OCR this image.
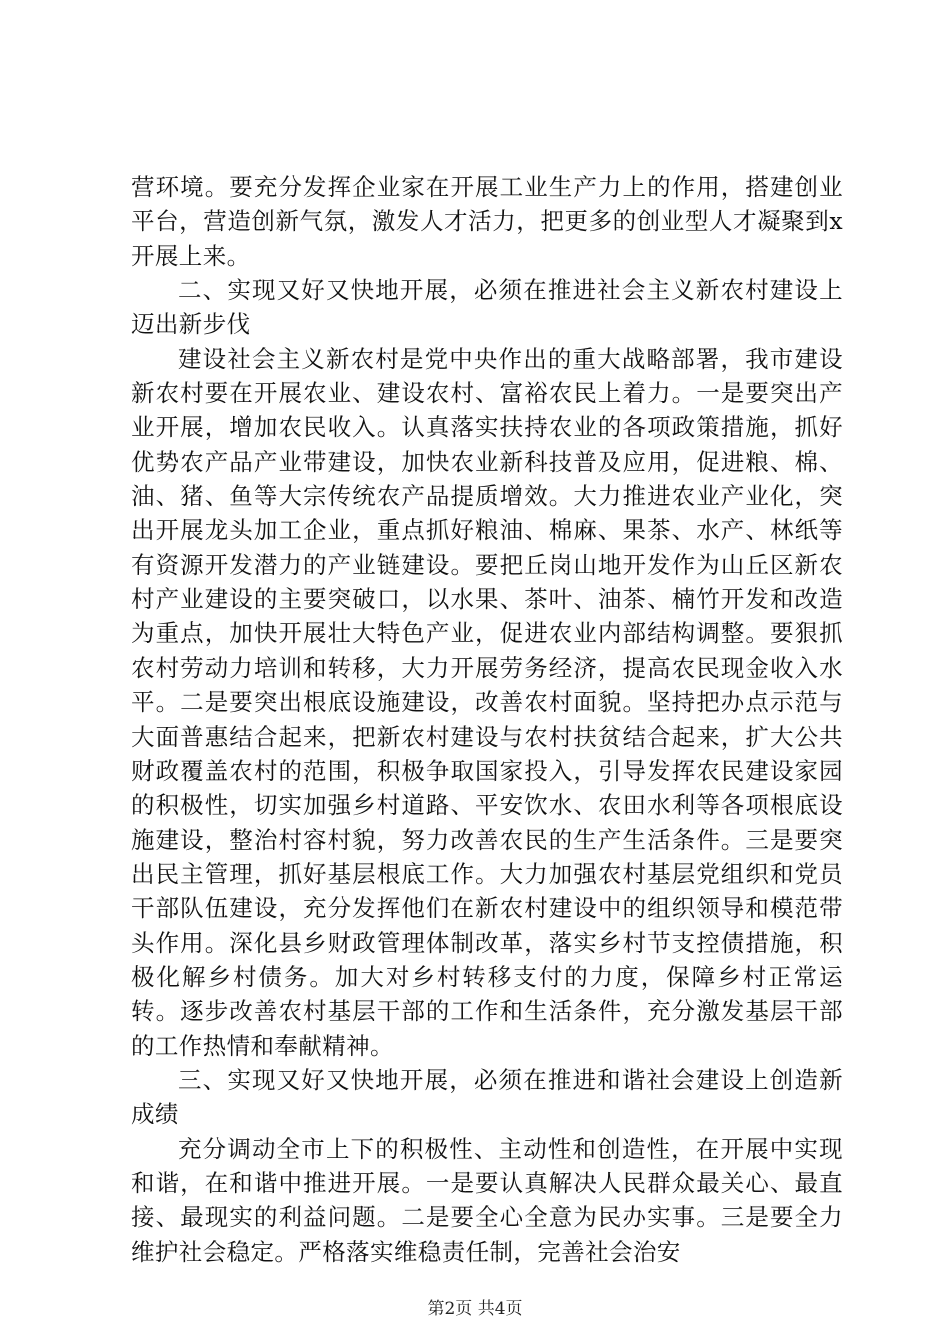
营环境。要充分发挥企业家在开展工业生产力上的作用，搭建创业平台，营造创新气氛，激发人才活力，把更多的创业型人才凝聚到x开展上来。

二、实现又好又快地开展，必须在推进社会主义新农村建设上迈出新步伐

建设社会主义新农村是党中央作出的重大战略部署，我市建设新农村要在开展农业、建设农村、富裕农民上着力。一是要突出产业开展，增加农民收入。认真落实扶持农业的各项政策措施，抓好优势农产品产业带建设，加快农业新科技普及应用，促进粮、棉、油、猪、鱼等大宗传统农产品提质增效。大力推进农业产业化，突出开展龙头加工企业，重点抓好粮油、棉麻、果茶、水产、林纸等有资源开发潜力的产业链建设。要把丘岗山地开发作为山丘区新农村产业建设的主要突破口，以水果、茶叶、油茶、楠竹开发和改造为重点，加快开展壮大特色产业，促进农业内部结构调整。要狠抓农村劳动力培训和转移，大力开展劳务经济，提高农民现金收入水平。二是要突出根底设施建设，改善农村面貌。坚持把办点示范与大面普惠结合起来，把新农村建设与农村扶贫结合起来，扩大公共财政覆盖农村的范围，积极争取国家投入，引导发挥农民建设家园的积极性，切实加强乡村道路、平安饮水、农田水利等各项根底设施建设，整治村容村貌，努力改善农民的生产生活条件。三是要突出民主管理，抓好基层根底工作。大力加强农村基层党组织和党员干部队伍建设，充分发挥他们在新农村建设中的组织领导和模范带头作用。深化县乡财政管理体制改革，落实乡村节支控债措施，积极化解乡村债务。加大对乡村转移支付的力度，保障乡村正常运转。逐步改善农村基层干部的工作和生活条件，充分激发基层干部的工作热情和奉献精神。

三、实现又好又快地开展，必须在推进和谐社会建设上创造新成绩

充分调动全市上下的积极性、主动性和创造性，在开展中实现和谐，在和谐中推进开展。一是要认真解决人民群众最关心、最直接、最现实的利益问题。二是要全心全意为民办实事。三是要全力维护社会稳定。严格落实维稳责任制，完善社会治安

第2页 共4页
